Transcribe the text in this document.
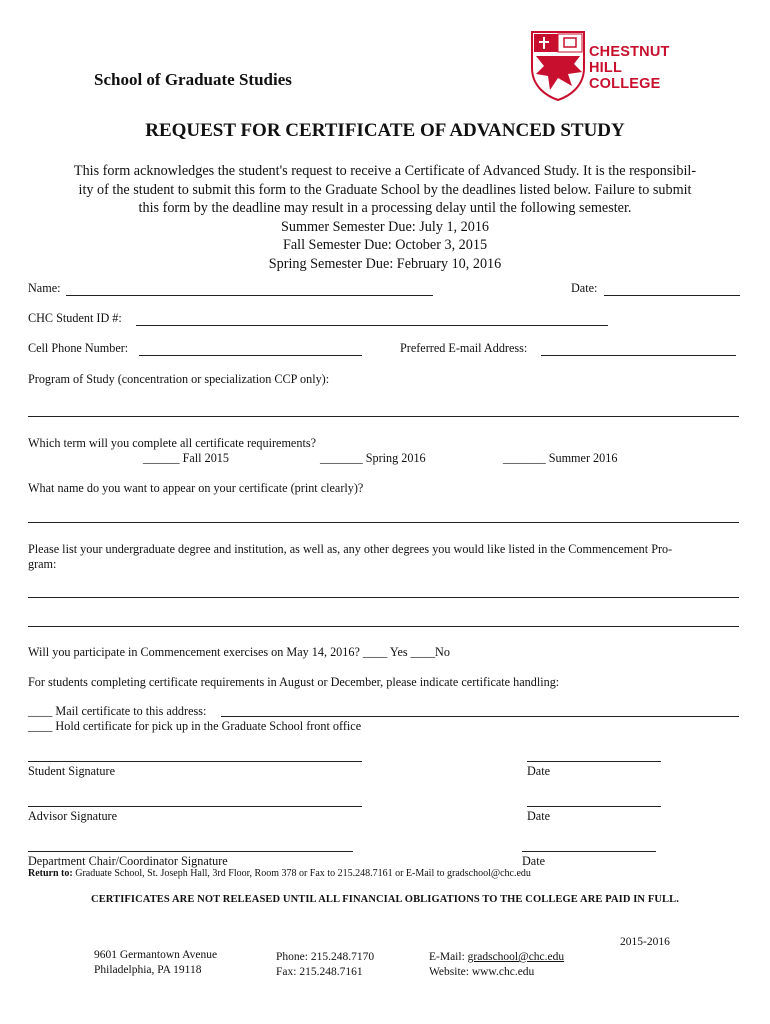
School of Graduate Studies
CHESTNUT
HILL
COLLEGE
REQUEST FOR CERTIFICATE OF ADVANCED STUDY

This form acknowledges the student's request to receive a Certificate of Advanced Study. It is the responsibil-

ity of the student to submit this form to the Graduate School by the deadlines listed below. Failure to submit

this form by the deadline may result in a processing delay until the following semester.

Summer Semester Due: July 1, 2016

Fall Semester Due: October 3, 2015

Spring Semester Due: February 10, 2016

Name:	Date:
CHC Student ID #:
Cell Phone Number:	Preferred E-mail Address:
Program of Study (concentration or specialization CCP only):
Which term will you complete all certificate requirements?
______ Fall 2015	_______ Spring 2016	_______ Summer 2016
What name do you want to appear on your certificate (print clearly)?
Please list your undergraduate degree and institution, as well as, any other degrees you would like listed in the Commencement Pro-
gram:
Will you participate in Commencement exercises on May 14, 2016? ____ Yes ____No
For students completing certificate requirements in August or December, please indicate certificate handling:
____ Mail certificate to this address:
____ Hold certificate for pick up in the Graduate School front office
Student Signature	Date
Advisor Signature	Date
Department Chair/Coordinator Signature	Date
Return to: Graduate School, St. Joseph Hall, 3rd Floor, Room 378 or Fax to 215.248.7161 or E-Mail to gradschool@chc.edu
CERTIFICATES ARE NOT RELEASED UNTIL ALL FINANCIAL OBLIGATIONS TO THE COLLEGE ARE PAID IN FULL.
2015-2016
9601 Germantown Avenue
Philadelphia, PA 19118
Phone: 215.248.7170
Fax: 215.248.7161
E-Mail: gradschool@chc.edu
Website: www.chc.edu
